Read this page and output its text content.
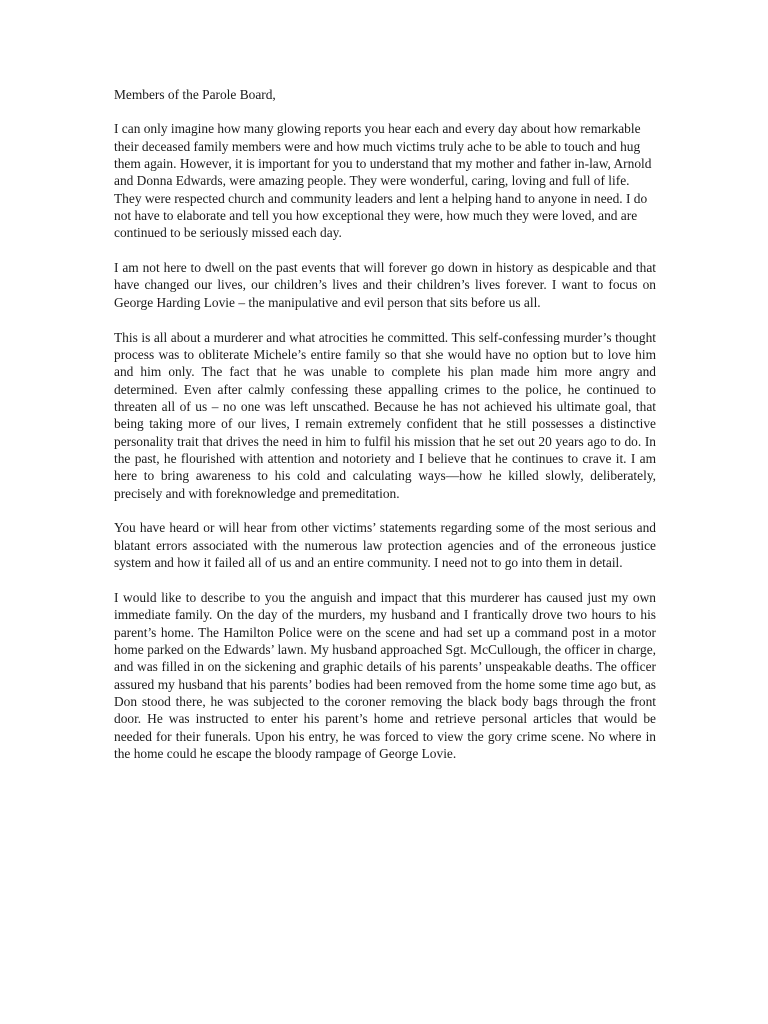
Members of the Parole Board,

I can only imagine how many glowing reports you hear each and every day about how remarkable their deceased family members were and how much victims truly ache to be able to touch and hug them again. However, it is important for you to understand that my mother and father in-law, Arnold and Donna Edwards, were amazing people. They were wonderful, caring, loving and full of life. They were respected church and community leaders and lent a helping hand to anyone in need. I do not have to elaborate and tell you how exceptional they were, how much they were loved, and are continued to be seriously missed each day.

I am not here to dwell on the past events that will forever go down in history as despicable and that have changed our lives, our children’s lives and their children’s lives forever. I want to focus on George Harding Lovie – the manipulative and evil person that sits before us all.

This is all about a murderer and what atrocities he committed. This self-confessing murder’s thought process was to obliterate Michele’s entire family so that she would have no option but to love him and him only. The fact that he was unable to complete his plan made him more angry and determined. Even after calmly confessing these appalling crimes to the police, he continued to threaten all of us – no one was left unscathed. Because he has not achieved his ultimate goal, that being taking more of our lives, I remain extremely confident that he still possesses a distinctive personality trait that drives the need in him to fulfil his mission that he set out 20 years ago to do. In the past, he flourished with attention and notoriety and I believe that he continues to crave it. I am here to bring awareness to his cold and calculating ways—how he killed slowly, deliberately, precisely and with foreknowledge and premeditation.

You have heard or will hear from other victims’ statements regarding some of the most serious and blatant errors associated with the numerous law protection agencies and of the erroneous justice system and how it failed all of us and an entire community. I need not to go into them in detail.

I would like to describe to you the anguish and impact that this murderer has caused just my own immediate family. On the day of the murders, my husband and I frantically drove two hours to his parent’s home. The Hamilton Police were on the scene and had set up a command post in a motor home parked on the Edwards’ lawn. My husband approached Sgt. McCullough, the officer in charge, and was filled in on the sickening and graphic details of his parents’ unspeakable deaths. The officer assured my husband that his parents’ bodies had been removed from the home some time ago but, as Don stood there, he was subjected to the coroner removing the black body bags through the front door. He was instructed to enter his parent’s home and retrieve personal articles that would be needed for their funerals. Upon his entry, he was forced to view the gory crime scene. No where in the home could he escape the bloody rampage of George Lovie.
